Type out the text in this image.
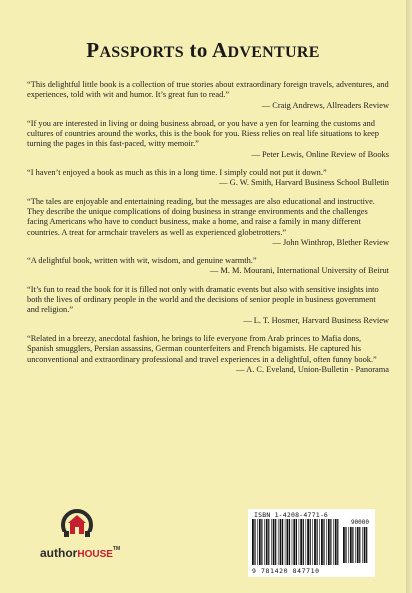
PASSPORTS to ADVENTURE

“This delightful little book is a collection of true stories about extraordinary foreign travels, adventures, and experiences, told with wit and humor. It’s great fun to read.”

— Craig Andrews, Allreaders Review

“If you are interested in living or doing business abroad, or you have a yen for learning the customs and cultures of countries around the works, this is the book for you. Riess relies on real life situations to keep turning the pages in this fast-paced, witty memoir.”

— Peter Lewis, Online Review of Books

“I haven’t enjoyed a book as much as this in a long time. I simply could not put it down.”

— G. W. Smith, Harvard Business School Bulletin

“The tales are enjoyable and entertaining reading, but the messages are also educational and instructive. They describe the unique complications of doing business in strange environments and the challenges facing Americans who have to conduct business, make a home, and raise a family in many different countries. A treat for armchair travelers as well as experienced globetrotters.”

— John Winthrop, Blether Review

“A delightful book, written with wit, wisdom, and genuine warmth.”

— M. M. Mourani, International University of Beirut

“It’s fun to read the book for it is filled not only with dramatic events but also with sensitive insights into both the lives of ordinary people in the world and the decisions of senior people in business government and religion.”

— L. T. Hosmer, Harvard Business Review

“Related in a breezy, anecdotal fashion, he brings to life everyone from Arab princes to Mafia dons, Spanish smugglers, Persian assassins, German counterfeiters and French bigamists. He captured his unconventional and extraordinary professional and travel experiences in a delightful, often funny book.”

— A. C. Eveland, Union-Bulletin - Panorama

authorHOUSE™
ISBN 1-4208-4771-6
90000
9 781420 847710
